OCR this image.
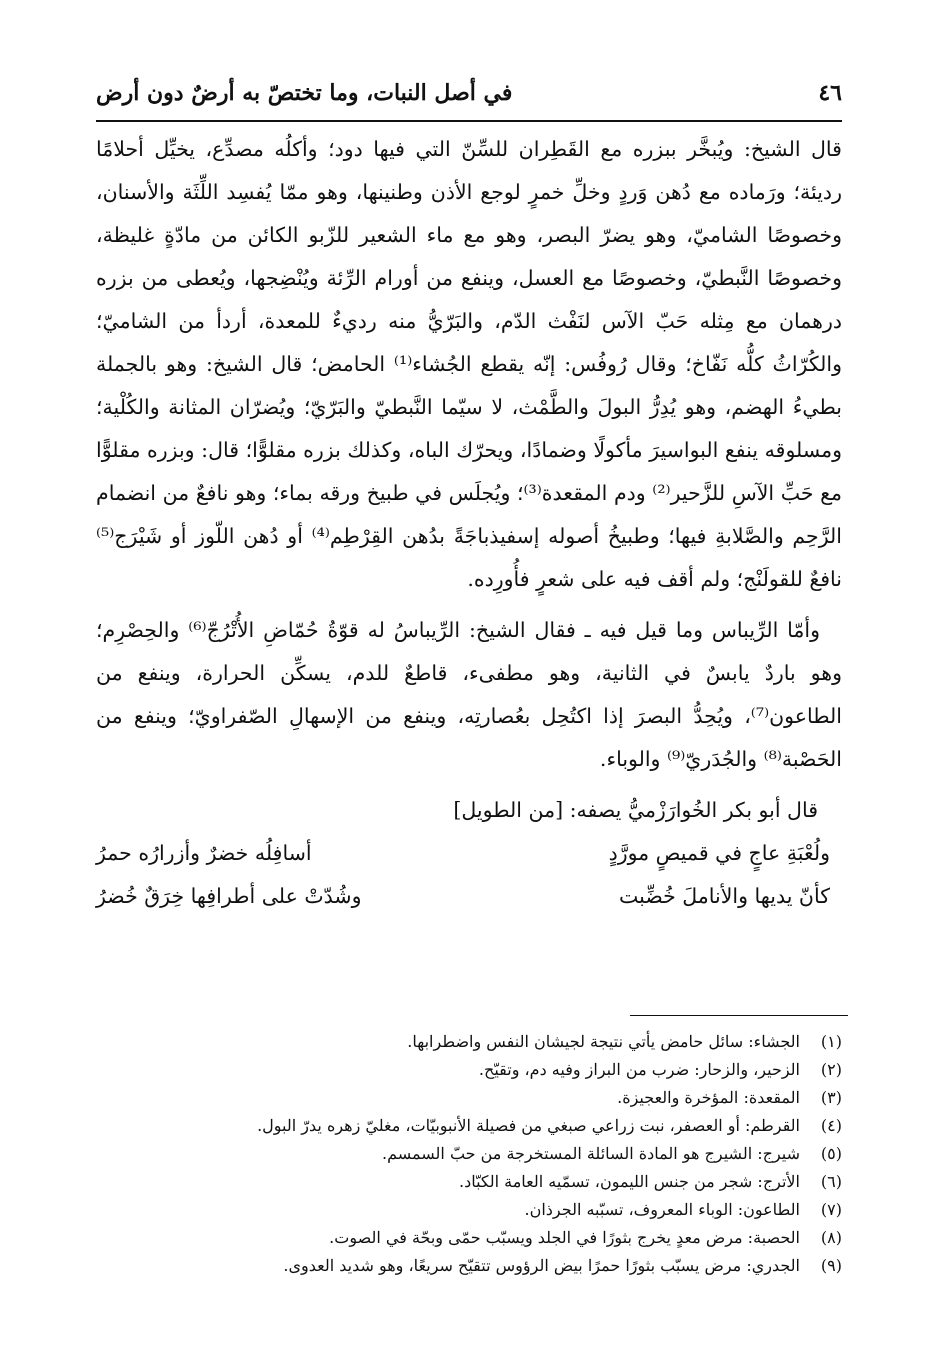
٤٦
في أصل النبات، وما تختصّ به أرضٌ دون أرض

قال الشيخ: ويُبخَّر ببزره مع القَطِران للسِّنّ التي فيها دود؛ وأكلُه مصدِّع، يخيِّل أحلامًا رديئة؛ ورَماده مع دُهن وَردٍ وخلِّ خمرٍ لوجع الأذن وطنينها، وهو ممّا يُفسِد اللِّثَة والأسنان، وخصوصًا الشاميّ، وهو يضرّ البصر، وهو مع ماء الشعير للزّبو الكائن من مادّةٍ غليظة، وخصوصًا النَّبطيّ، وخصوصًا مع العسل، وينفع من أورام الرِّئة ويُنْضِجها، ويُعطى من بزره درهمان مع مِثله حَبّ الآس لنَفْث الدّم، والبَرّيُّ منه رديءٌ للمعدة، أردأ من الشاميّ؛ والكُرّاثُ كلُّه نَفّاخ؛ وقال رُوفُس: إنّه يقطع الجُشاء⁽¹⁾ الحامض؛ قال الشيخ: وهو بالجملة بطيءُ الهضم، وهو يُدِرُّ البولَ والطَّمْث، لا سيّما النَّبطيّ والبَرّيّ؛ ويُضرّان المثانة والكُلْية؛ ومسلوقه ينفع البواسيرَ مأكولًا وضمادًا، ويحرّك الباه، وكذلك بزره مقلوًّا؛ قال: وبزره مقلوًّا مع حَبِّ الآسِ للزَّحير⁽²⁾ ودم المقعدة⁽³⁾؛ ويُجلَس في طبيخ ورقه بماء؛ وهو نافعٌ من انضمام الرَّحِم والصَّلابةِ فيها؛ وطبيخُ أصوله إسفيذباجَةً بدُهن القِرْطِم⁽⁴⁾ أو دُهن اللّوز أو شَيْرَج⁽⁵⁾ نافعٌ للقولَنْج؛ ولم أقف فيه على شعرٍ فأُورِده.

وأمّا الرِّيباس وما قيل فيه ـ فقال الشيخ: الرِّيباسُ له قوّةُ حُمّاضِ الأُتْرُجّ⁽⁶⁾ والحِصْرِم؛ وهو باردٌ يابسٌ في الثانية، وهو مطفىء، قاطعٌ للدم، يسكِّن الحرارة، وينفع من الطاعون⁽⁷⁾، ويُحِدُّ البصرَ إذا اكتُحِل بعُصارتِه، وينفع من الإسهالِ الصّفراويّ؛ وينفع من الحَصْبة⁽⁸⁾ والجُدَريّ⁽⁹⁾ والوباء.

قال أبو بكر الخُوارَزْميُّ يصفه: [من الطويل]
ولُعْبَةِ عاجٍ في قميصٍ مورَّدٍ
أسافِلُه خضرٌ وأزرارُه حمرُ
كأنّ يديها والأناملَ خُضِّبت
وشُدّتْ على أطرافِها خِرَقٌ خُضرُ
(١)
الجشاء: سائل حامض يأتي نتيجة لجيشان النفس واضطرابها.
(٢)
الزحير، والزحار: ضرب من البراز وفيه دم، وتقيّح.
(٣)
المقعدة: المؤخرة والعجيزة.
(٤)
القرطم: أو العصفر، نبت زراعي صبغي من فصيلة الأنبوبيّات، مغليّ زهره يدرّ البول.
(٥)
شيرج: الشيرج هو المادة السائلة المستخرجة من حبّ السمسم.
(٦)
الأترج: شجر من جنس الليمون، تسمّيه العامة الكبّاد.
(٧)
الطاعون: الوباء المعروف، تسبّبه الجرذان.
(٨)
الحصبة: مرض معدٍ يخرج بثورًا في الجلد ويسبّب حمّى وبحّة في الصوت.
(٩)
الجدري: مرض يسبّب بثورًا حمرًا بيض الرؤوس تتقيّح سريعًا، وهو شديد العدوى.
